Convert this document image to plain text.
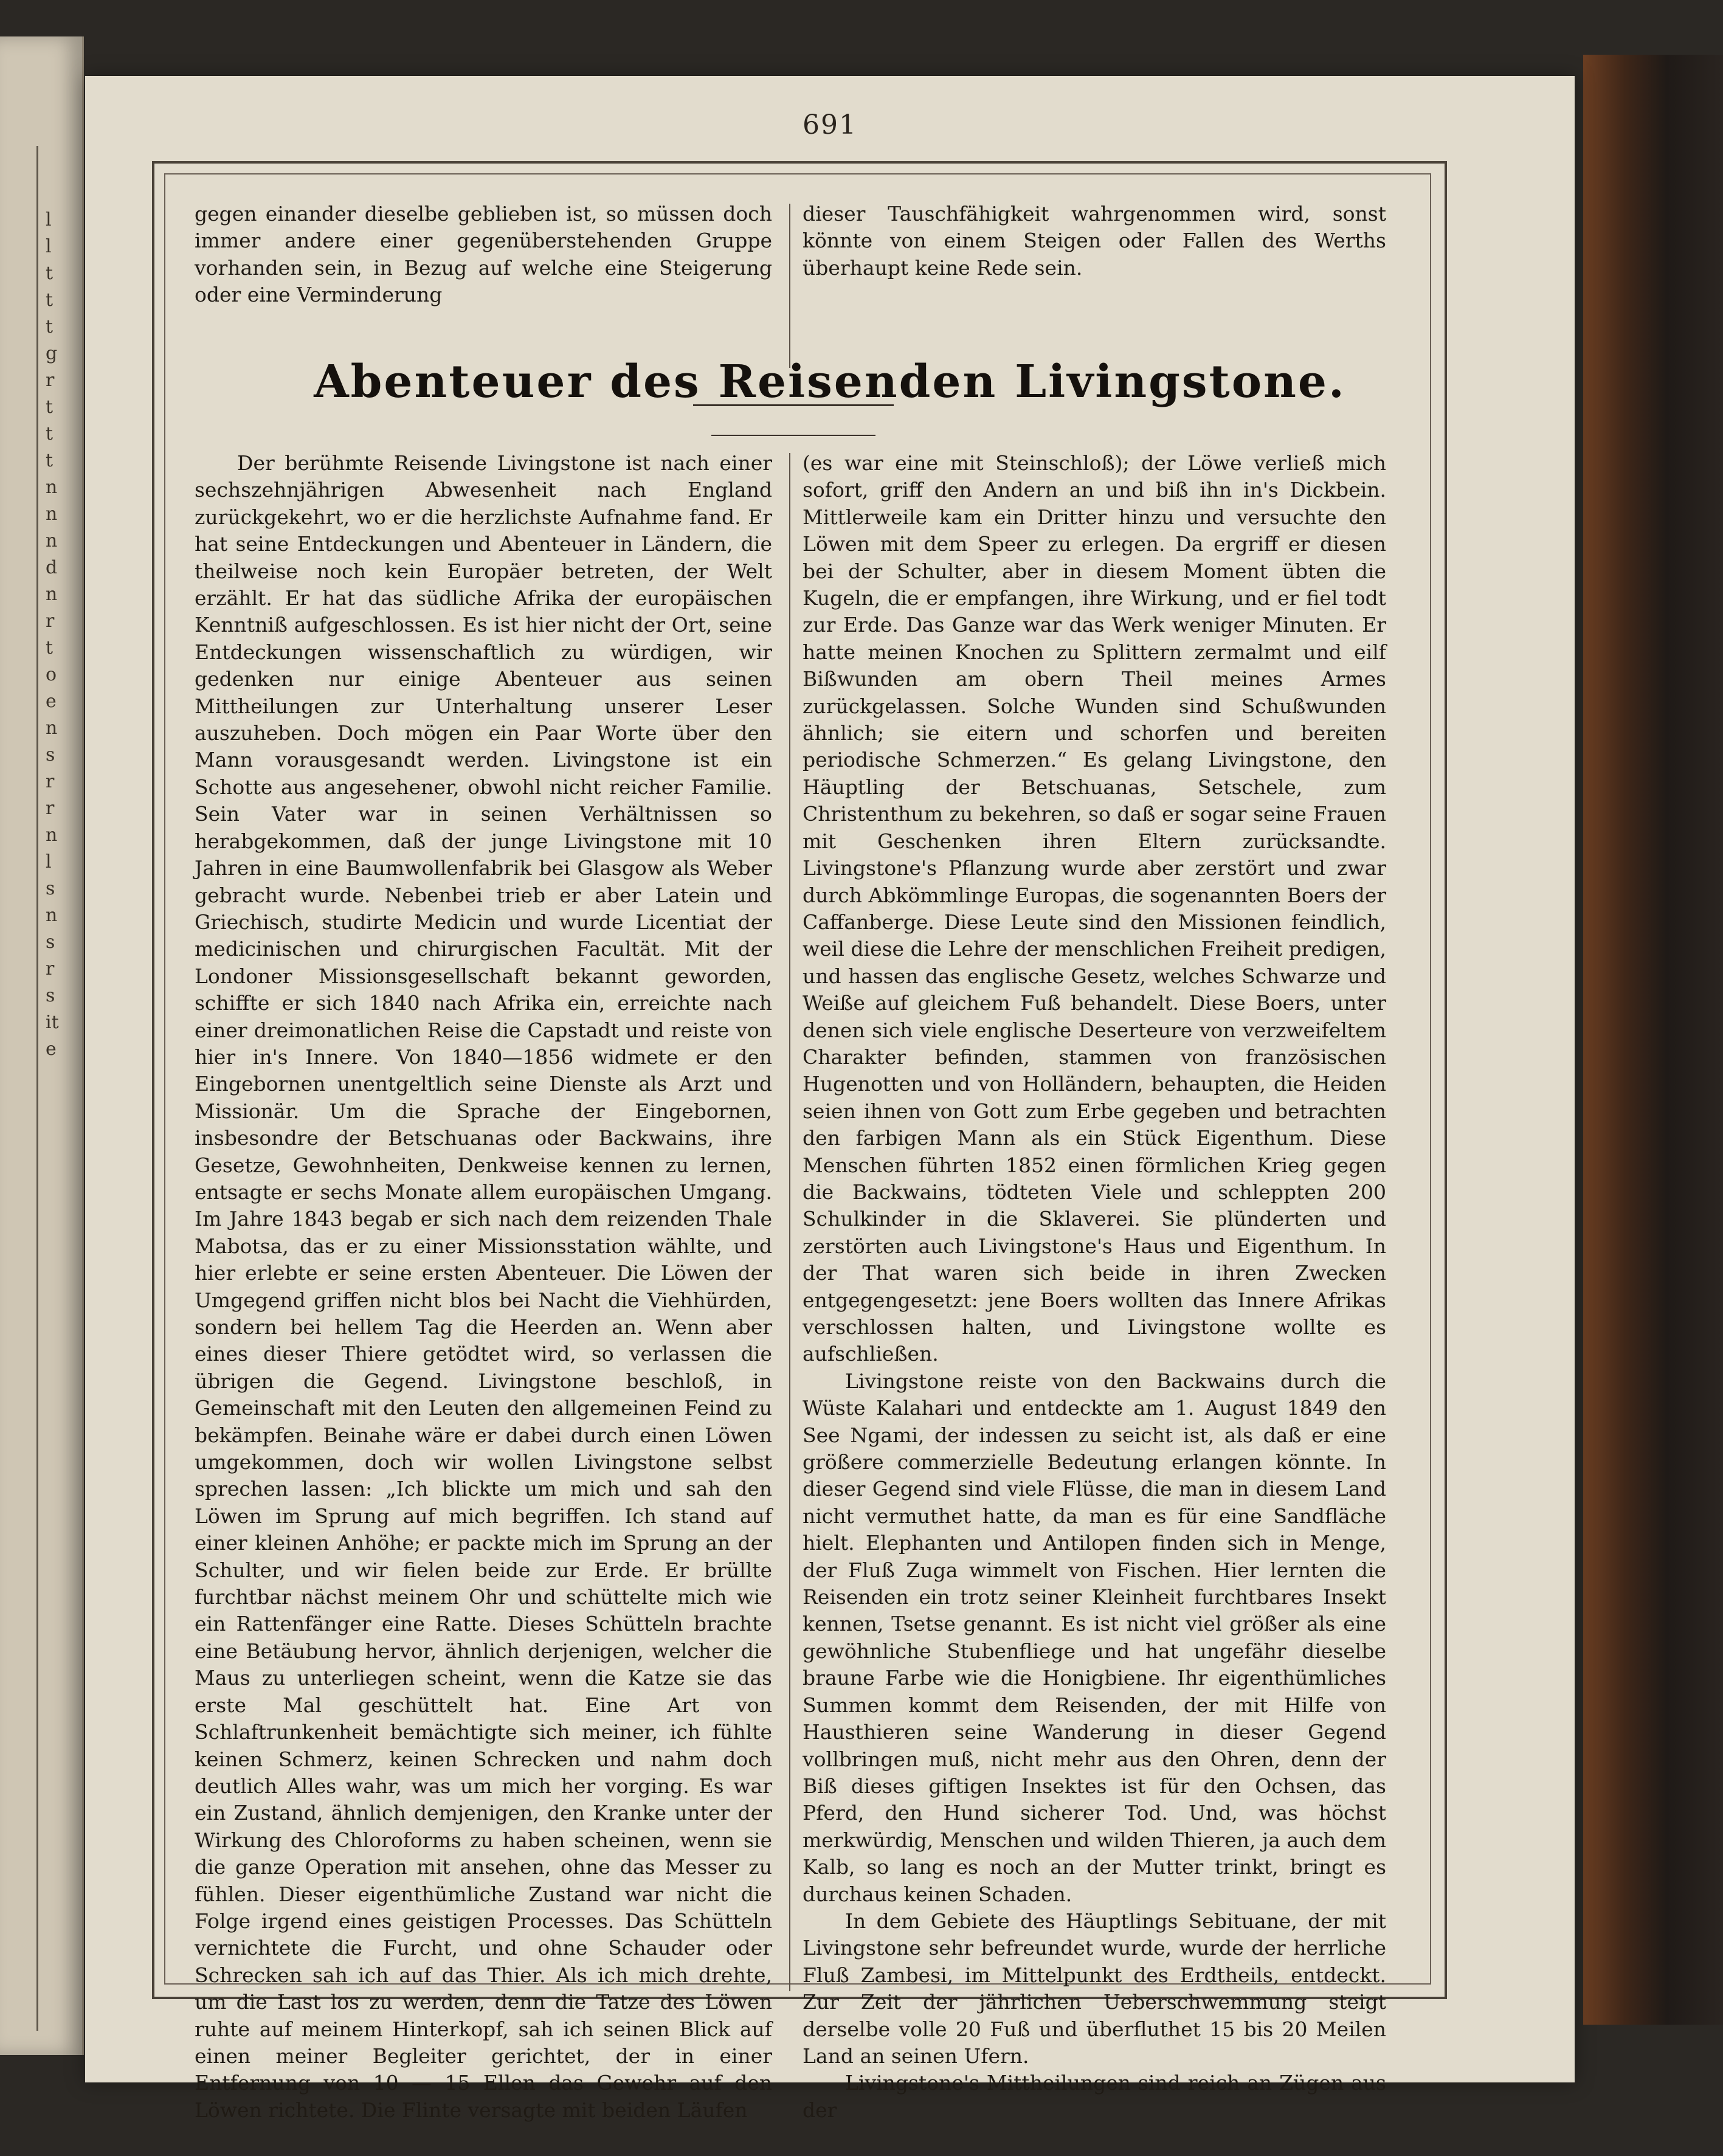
l
l
t
t
t
g
r
t
t
t
n
n
n
d
n
r
t
o
e
n
s
r
r
n
l
s
n
s
r
s
it
e
691

gegen einander dieselbe geblieben ist, so müssen doch immer andere einer gegenüberstehenden Gruppe vorhanden sein, in Bezug auf welche eine Steigerung oder eine Verminderung

dieser Tauschfähigkeit wahrgenommen wird, sonst könnte von einem Steigen oder Fallen des Werths überhaupt keine Rede sein.

Abenteuer des Reisenden Livingstone.

Der berühmte Reisende Livingstone ist nach einer sechszehnjährigen Abwesenheit nach England zurückgekehrt, wo er die herzlichste Aufnahme fand. Er hat seine Entdeckungen und Abenteuer in Ländern, die theilweise noch kein Europäer betreten, der Welt erzählt. Er hat das südliche Afrika der europäischen Kenntniß aufgeschlossen. Es ist hier nicht der Ort, seine Entdeckungen wissenschaftlich zu würdigen, wir gedenken nur einige Abenteuer aus seinen Mittheilungen zur Unterhaltung unserer Leser auszuheben. Doch mögen ein Paar Worte über den Mann vorausgesandt werden. Livingstone ist ein Schotte aus angesehener, obwohl nicht reicher Familie. Sein Vater war in seinen Verhältnissen so herabgekommen, daß der junge Livingstone mit 10 Jahren in eine Baumwollenfabrik bei Glasgow als Weber gebracht wurde. Nebenbei trieb er aber Latein und Griechisch, studirte Medicin und wurde Licentiat der medicinischen und chirurgischen Facultät. Mit der Londoner Missionsgesellschaft bekannt geworden, schiffte er sich 1840 nach Afrika ein, erreichte nach einer dreimonatlichen Reise die Capstadt und reiste von hier in's Innere. Von 1840—1856 widmete er den Eingebornen unentgeltlich seine Dienste als Arzt und Missionär. Um die Sprache der Eingebornen, insbesondre der Betschuanas oder Backwains, ihre Gesetze, Gewohnheiten, Denkweise kennen zu lernen, entsagte er sechs Monate allem europäischen Umgang. Im Jahre 1843 begab er sich nach dem reizenden Thale Mabotsa, das er zu einer Missionsstation wählte, und hier erlebte er seine ersten Abenteuer. Die Löwen der Umgegend griffen nicht blos bei Nacht die Viehhürden, sondern bei hellem Tag die Heerden an. Wenn aber eines dieser Thiere getödtet wird, so verlassen die übrigen die Gegend. Livingstone beschloß, in Gemeinschaft mit den Leuten den allgemeinen Feind zu bekämpfen. Beinahe wäre er dabei durch einen Löwen umgekommen, doch wir wollen Livingstone selbst sprechen lassen: „Ich blickte um mich und sah den Löwen im Sprung auf mich begriffen. Ich stand auf einer kleinen Anhöhe; er packte mich im Sprung an der Schulter, und wir fielen beide zur Erde. Er brüllte furchtbar nächst meinem Ohr und schüttelte mich wie ein Rattenfänger eine Ratte. Dieses Schütteln brachte eine Betäubung hervor, ähnlich derjenigen, welcher die Maus zu unterliegen scheint, wenn die Katze sie das erste Mal geschüttelt hat. Eine Art von Schlaftrunkenheit bemächtigte sich meiner, ich fühlte keinen Schmerz, keinen Schrecken und nahm doch deutlich Alles wahr, was um mich her vorging. Es war ein Zustand, ähnlich demjenigen, den Kranke unter der Wirkung des Chloroforms zu haben scheinen, wenn sie die ganze Operation mit ansehen, ohne das Messer zu fühlen. Dieser eigenthümliche Zustand war nicht die Folge irgend eines geistigen Processes. Das Schütteln vernichtete die Furcht, und ohne Schauder oder Schrecken sah ich auf das Thier. Als ich mich drehte, um die Last los zu werden, denn die Tatze des Löwen ruhte auf meinem Hinterkopf, sah ich seinen Blick auf einen meiner Begleiter gerichtet, der in einer Entfernung von 10 — 15 Ellen das Gewehr auf den Löwen richtete. Die Flinte versagte mit beiden Läufen

(es war eine mit Steinschloß); der Löwe verließ mich sofort, griff den Andern an und biß ihn in's Dickbein. Mittlerweile kam ein Dritter hinzu und versuchte den Löwen mit dem Speer zu erlegen. Da ergriff er diesen bei der Schulter, aber in diesem Moment übten die Kugeln, die er empfangen, ihre Wirkung, und er fiel todt zur Erde. Das Ganze war das Werk weniger Minuten. Er hatte meinen Knochen zu Splittern zermalmt und eilf Bißwunden am obern Theil meines Armes zurückgelassen. Solche Wunden sind Schußwunden ähnlich; sie eitern und schorfen und bereiten periodische Schmerzen.“ Es gelang Livingstone, den Häuptling der Betschuanas, Setschele, zum Christenthum zu bekehren, so daß er sogar seine Frauen mit Geschenken ihren Eltern zurücksandte. Livingstone's Pflanzung wurde aber zerstört und zwar durch Abkömmlinge Europas, die sogenannten Boers der Caffanberge. Diese Leute sind den Missionen feindlich, weil diese die Lehre der menschlichen Freiheit predigen, und hassen das englische Gesetz, welches Schwarze und Weiße auf gleichem Fuß behandelt. Diese Boers, unter denen sich viele englische Deserteure von verzweifeltem Charakter befinden, stammen von französischen Hugenotten und von Holländern, behaupten, die Heiden seien ihnen von Gott zum Erbe gegeben und betrachten den farbigen Mann als ein Stück Eigenthum. Diese Menschen führten 1852 einen förmlichen Krieg gegen die Backwains, tödteten Viele und schleppten 200 Schulkinder in die Sklaverei. Sie plünderten und zerstörten auch Livingstone's Haus und Eigenthum. In der That waren sich beide in ihren Zwecken entgegengesetzt: jene Boers wollten das Innere Afrikas verschlossen halten, und Livingstone wollte es aufschließen.

Livingstone reiste von den Backwains durch die Wüste Kalahari und entdeckte am 1. August 1849 den See Ngami, der indessen zu seicht ist, als daß er eine größere commerzielle Bedeutung erlangen könnte. In dieser Gegend sind viele Flüsse, die man in diesem Land nicht vermuthet hatte, da man es für eine Sandfläche hielt. Elephanten und Antilopen finden sich in Menge, der Fluß Zuga wimmelt von Fischen. Hier lernten die Reisenden ein trotz seiner Kleinheit furchtbares Insekt kennen, Tsetse genannt. Es ist nicht viel größer als eine gewöhnliche Stubenfliege und hat ungefähr dieselbe braune Farbe wie die Honigbiene. Ihr eigenthümliches Summen kommt dem Reisenden, der mit Hilfe von Hausthieren seine Wanderung in dieser Gegend vollbringen muß, nicht mehr aus den Ohren, denn der Biß dieses giftigen Insektes ist für den Ochsen, das Pferd, den Hund sicherer Tod. Und, was höchst merkwürdig, Menschen und wilden Thieren, ja auch dem Kalb, so lang es noch an der Mutter trinkt, bringt es durchaus keinen Schaden.

In dem Gebiete des Häuptlings Sebituane, der mit Livingstone sehr befreundet wurde, wurde der herrliche Fluß Zambesi, im Mittelpunkt des Erdtheils, entdeckt. Zur Zeit der jährlichen Ueberschwemmung steigt derselbe volle 20 Fuß und überfluthet 15 bis 20 Meilen Land an seinen Ufern.

Livingstone's Mittheilungen sind reich an Zügen aus der
